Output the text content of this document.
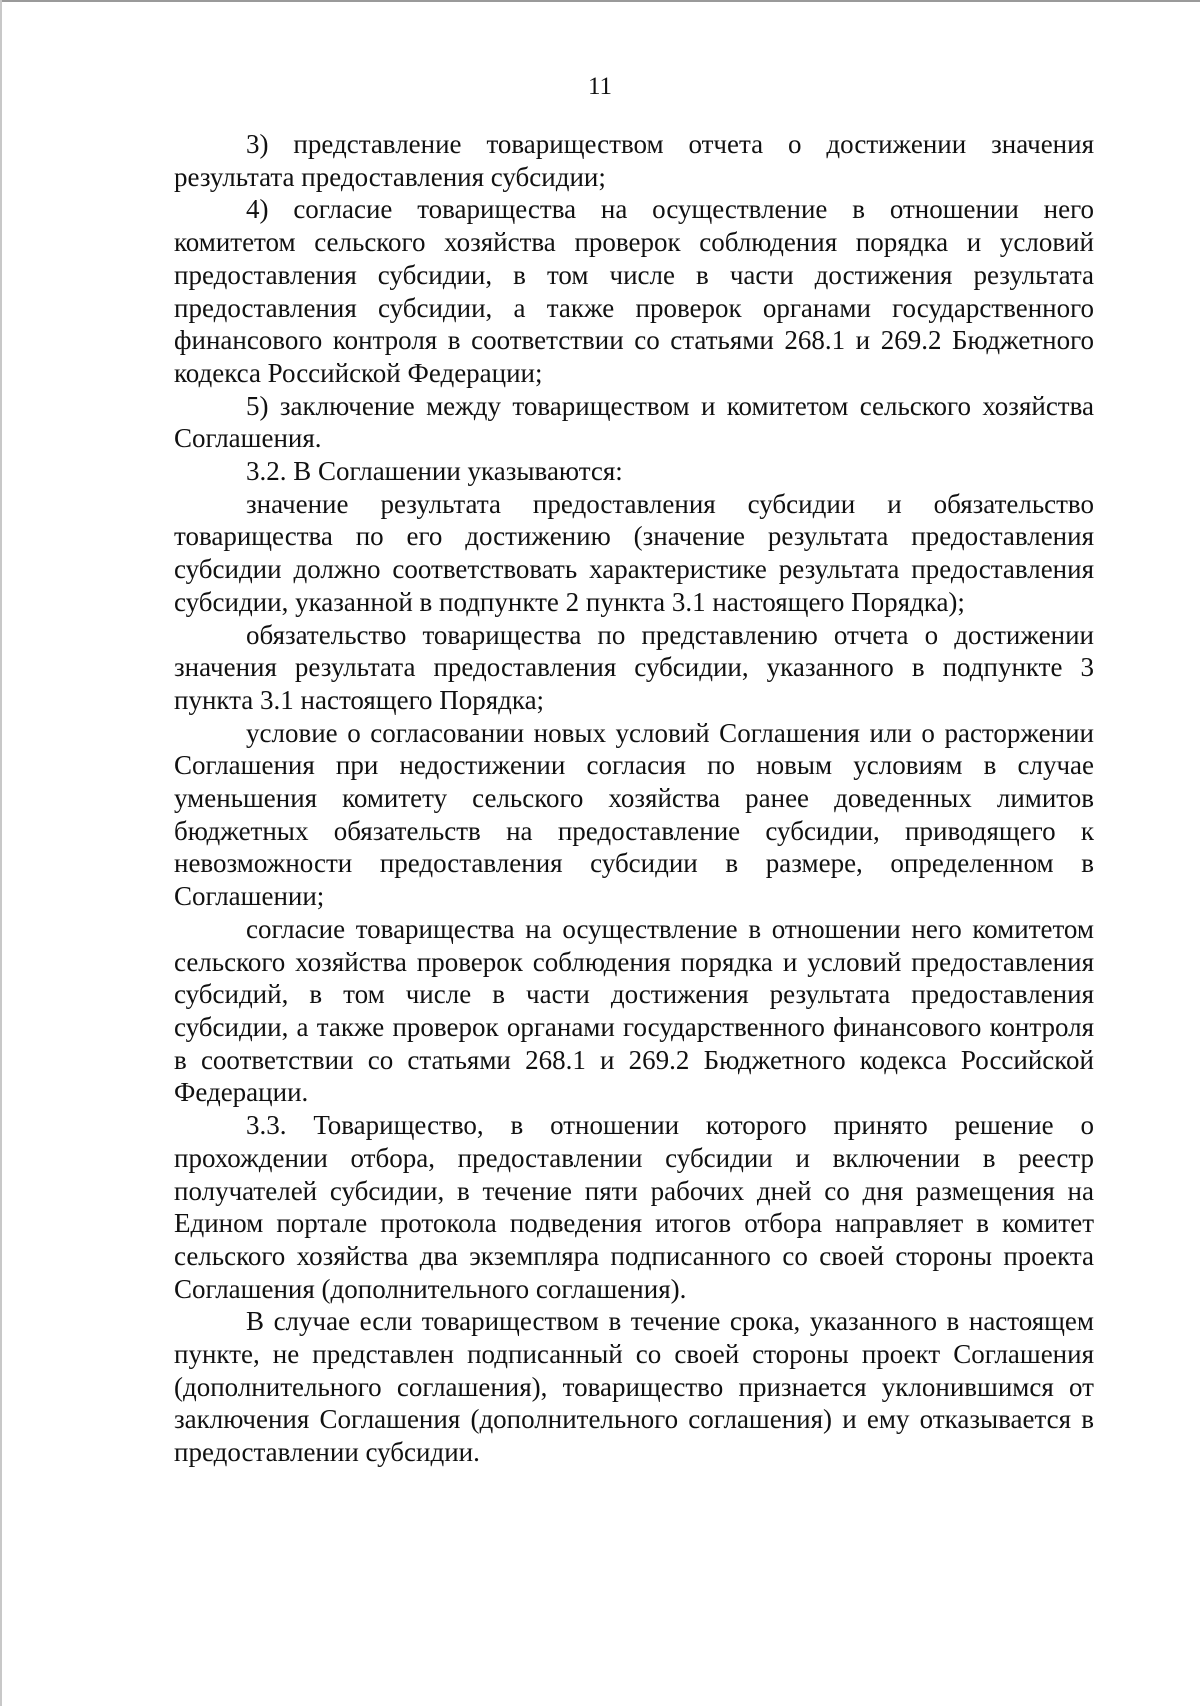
11

3) представление товариществом отчета о достижении значения результата предоставления субсидии;

4) согласие товарищества на осуществление в отношении него комитетом сельского хозяйства проверок соблюдения порядка и условий предоставления субсидии, в том числе в части достижения результата предоставления субсидии, а также проверок органами государственного финансового контроля в соответствии со статьями 268.1 и 269.2 Бюджетного кодекса Российской Федерации;

5) заключение между товариществом и комитетом сельского хозяйства Соглашения.

3.2. В Соглашении указываются:

значение результата предоставления субсидии и обязательство товарищества по его достижению (значение результата предоставления субсидии должно соответствовать характеристике результата предоставления субсидии, указанной в подпункте 2 пункта 3.1 настоящего Порядка);

обязательство товарищества по представлению отчета о достижении значения результата предоставления субсидии, указанного в подпункте 3 пункта 3.1 настоящего Порядка;

условие о согласовании новых условий Соглашения или о расторжении Соглашения при недостижении согласия по новым условиям в случае уменьшения комитету сельского хозяйства ранее доведенных лимитов бюджетных обязательств на предоставление субсидии, приводящего к невозможности предоставления субсидии в размере, определенном в Соглашении;

согласие товарищества на осуществление в отношении него комитетом сельского хозяйства проверок соблюдения порядка и условий предоставления субсидий, в том числе в части достижения результата предоставления субсидии, а также проверок органами государственного финансового контроля в соответствии со статьями 268.1 и 269.2 Бюджетного кодекса Российской Федерации.

3.3. Товарищество, в отношении которого принято решение о прохождении отбора, предоставлении субсидии и включении в реестр получателей субсидии, в течение пяти рабочих дней со дня размещения на Едином портале протокола подведения итогов отбора направляет в комитет сельского хозяйства два экземпляра подписанного со своей стороны проекта Соглашения (дополнительного соглашения).

В случае если товариществом в течение срока, указанного в настоящем пункте, не представлен подписанный со своей стороны проект Соглашения (дополнительного соглашения), товарищество признается уклонившимся от заключения Соглашения (дополнительного соглашения) и ему отказывается в предоставлении субсидии.
